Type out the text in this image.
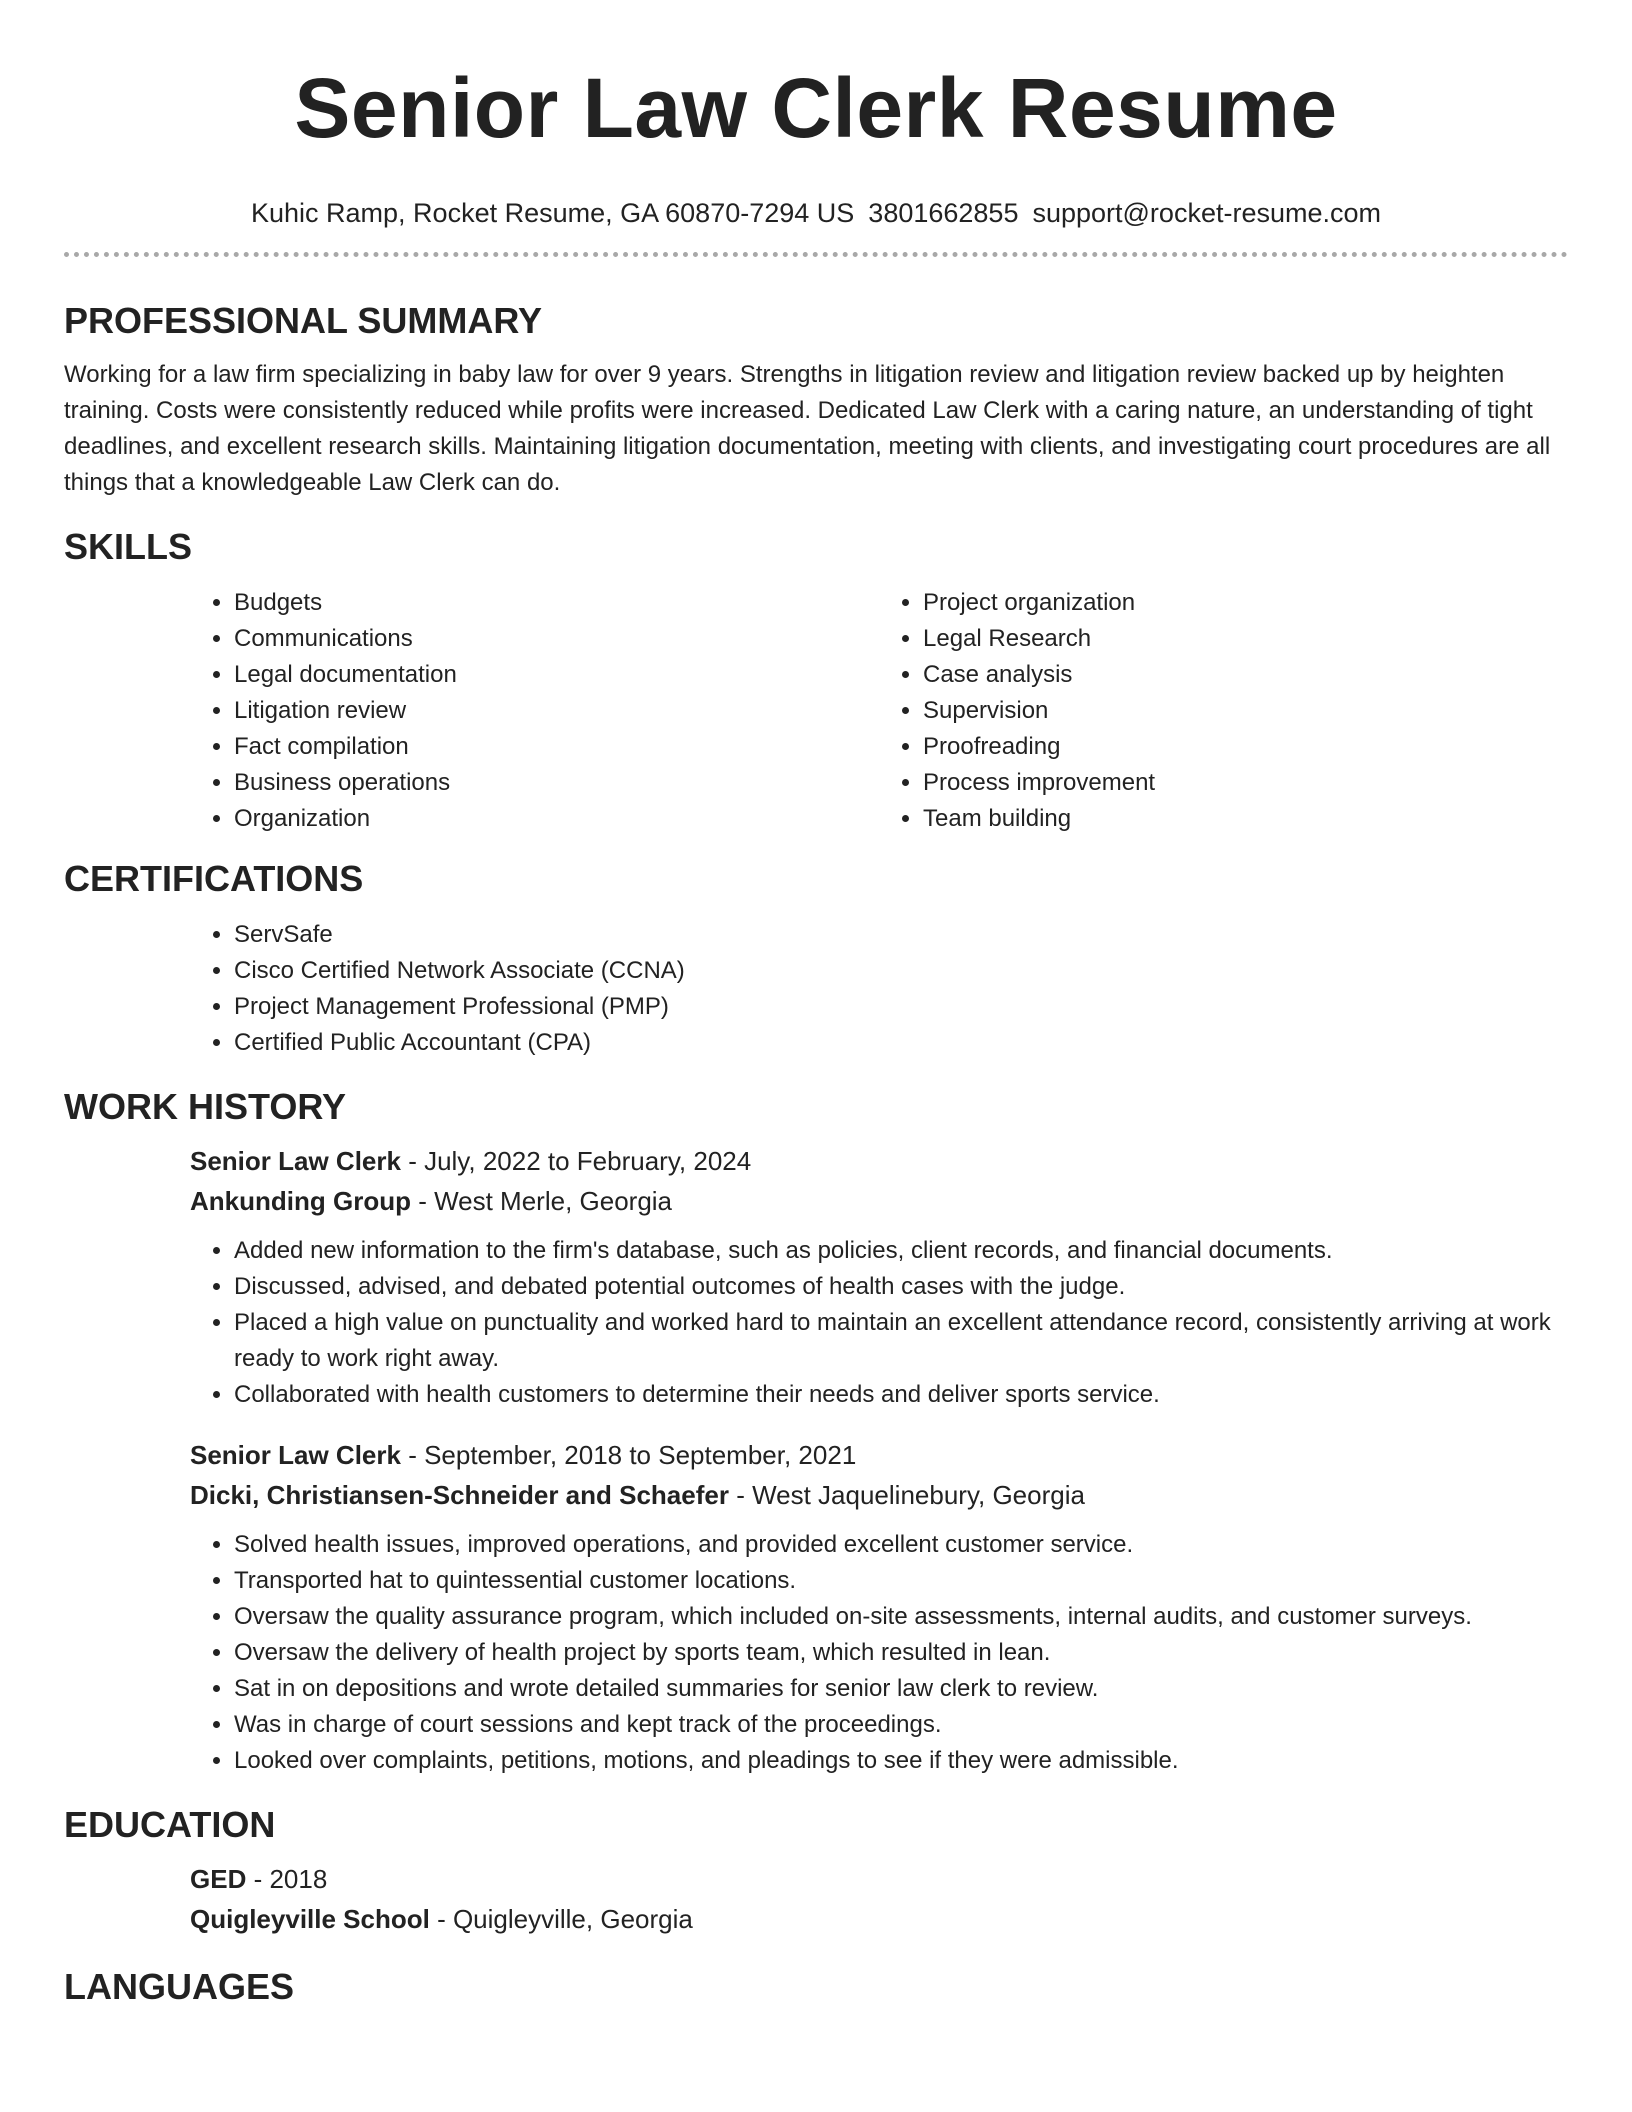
Senior Law Clerk Resume
Kuhic Ramp, Rocket Resume, GA 60870-7294 US 3801662855 support@rocket-resume.com
PROFESSIONAL SUMMARY

Working for a law firm specializing in baby law for over 9 years. Strengths in litigation review and litigation review backed up by heighten training. Costs were consistently reduced while profits were increased. Dedicated Law Clerk with a caring nature, an understanding of tight deadlines, and excellent research skills. Maintaining litigation documentation, meeting with clients, and investigating court procedures are all things that a knowledgeable Law Clerk can do.

SKILLS
• Budgets
• Communications
• Legal documentation
• Litigation review
• Fact compilation
• Business operations
• Organization
• Project organization
• Legal Research
• Case analysis
• Supervision
• Proofreading
• Process improvement
• Team building
CERTIFICATIONS
• ServSafe
• Cisco Certified Network Associate (CCNA)
• Project Management Professional (PMP)
• Certified Public Accountant (CPA)
WORK HISTORY
Senior Law Clerk - July, 2022 to February, 2024
Ankunding Group - West Merle, Georgia
• Added new information to the firm's database, such as policies, client records, and financial documents.
• Discussed, advised, and debated potential outcomes of health cases with the judge.
• Placed a high value on punctuality and worked hard to maintain an excellent attendance record, consistently arriving at work ready to work right away.
• Collaborated with health customers to determine their needs and deliver sports service.
Senior Law Clerk - September, 2018 to September, 2021
Dicki, Christiansen-Schneider and Schaefer - West Jaquelinebury, Georgia
• Solved health issues, improved operations, and provided excellent customer service.
• Transported hat to quintessential customer locations.
• Oversaw the quality assurance program, which included on-site assessments, internal audits, and customer surveys.
• Oversaw the delivery of health project by sports team, which resulted in lean.
• Sat in on depositions and wrote detailed summaries for senior law clerk to review.
• Was in charge of court sessions and kept track of the proceedings.
• Looked over complaints, petitions, motions, and pleadings to see if they were admissible.
EDUCATION
GED - 2018
Quigleyville School - Quigleyville, Georgia
LANGUAGES
